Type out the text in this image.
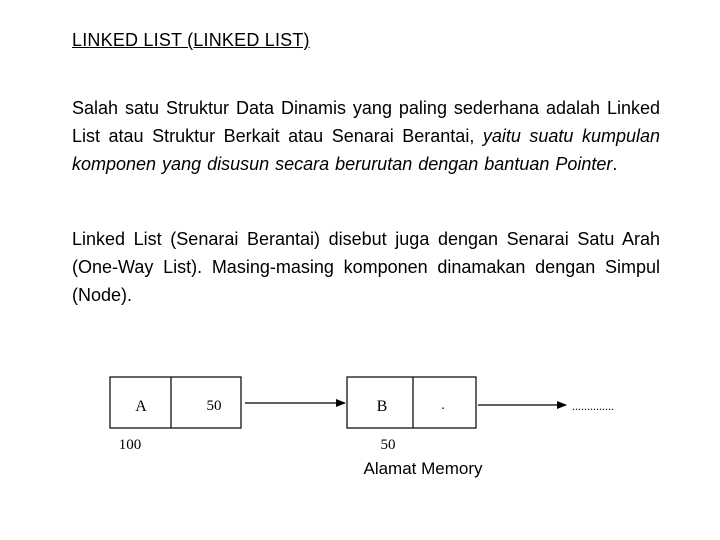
LINKED LIST (LINKED LIST)
Salah satu Struktur Data Dinamis yang paling sederhana adalah Linked List atau Struktur Berkait atau Senarai Berantai, yaitu suatu kumpulan komponen yang disusun secara berurutan dengan bantuan Pointer.
Linked List (Senarai Berantai) disebut juga dengan Senarai Satu Arah (One-Way List). Masing-masing komponen dinamakan dengan Simpul (Node).
A	50
100
B	.
50
..............
Alamat Memory
